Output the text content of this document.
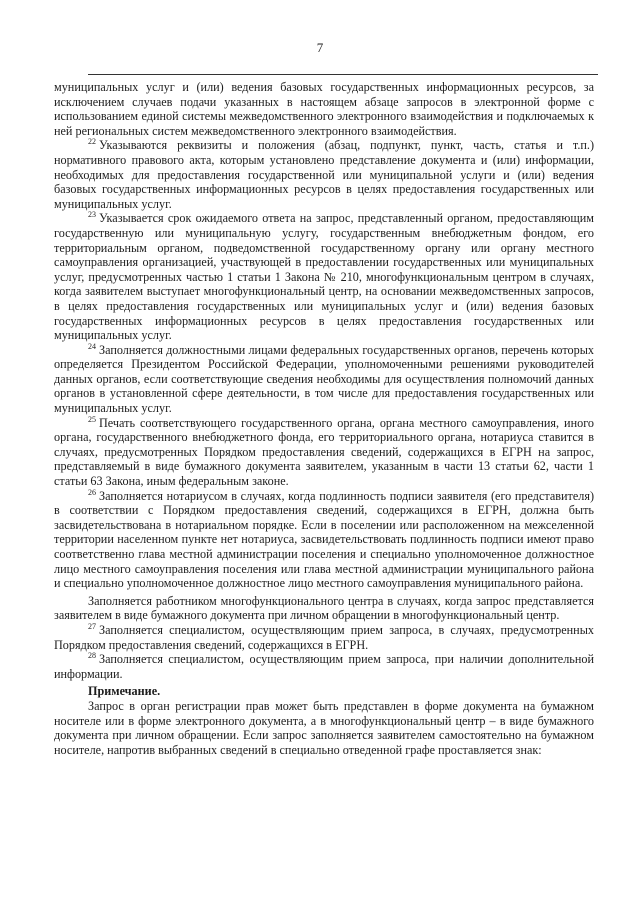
7

муниципальных услуг и (или) ведения базовых государственных информационных ресурсов, за исключением случаев подачи указанных в настоящем абзаце запросов в электронной форме с использованием единой системы межведомственного электронного взаимодействия и подключаемых к ней региональных систем межведомственного электронного взаимодействия.

$^{22}$ Указываются реквизиты и положения (абзац, подпункт, пункт, часть, статья и т.п.) нормативного правового акта, которым установлено представление документа и (или) информации, необходимых для предоставления государственной или муниципальной услуги и (или) ведения базовых государственных информационных ресурсов в целях предоставления государственных или муниципальных услуг.

$^{23}$ Указывается срок ожидаемого ответа на запрос, представленный органом, предоставляющим государственную или муниципальную услугу, государственным внебюджетным фондом, его территориальным органом, подведомственной государственному органу или органу местного самоуправления организацией, участвующей в предоставлении государственных или муниципальных услуг, предусмотренных частью 1 статьи 1 Закона № 210, многофункциональным центром в случаях, когда заявителем выступает многофункциональный центр, на основании межведомственных запросов, в целях предоставления государственных или муниципальных услуг и (или) ведения базовых государственных информационных ресурсов в целях предоставления государственных или муниципальных услуг.

$^{24}$ Заполняется должностными лицами федеральных государственных органов, перечень которых определяется Президентом Российской Федерации, уполномоченными решениями руководителей данных органов, если соответствующие сведения необходимы для осуществления полномочий данных органов в установленной сфере деятельности, в том числе для предоставления государственных или муниципальных услуг.

$^{25}$ Печать соответствующего государственного органа, органа местного самоуправления, иного органа, государственного внебюджетного фонда, его территориального органа, нотариуса ставится в случаях, предусмотренных Порядком предоставления сведений, содержащихся в ЕГРН на запрос, представляемый в виде бумажного документа заявителем, указанным в части 13 статьи 62, части 1 статьи 63 Закона, иным федеральным законе.

$^{26}$ Заполняется нотариусом в случаях, когда подлинность подписи заявителя (его представителя) в соответствии с Порядком предоставления сведений, содержащихся в ЕГРН, должна быть засвидетельствована в нотариальном порядке. Если в поселении или расположенном на межселенной территории населенном пункте нет нотариуса, засвидетельствовать подлинность подписи имеют право соответственно глава местной администрации поселения и специально уполномоченное должностное лицо местного самоуправления поселения или глава местной администрации муниципального района и специально уполномоченное должностное лицо местного самоуправления муниципального района.

Заполняется работником многофункционального центра в случаях, когда запрос представляется заявителем в виде бумажного документа при личном обращении в многофункциональный центр.

$^{27}$ Заполняется специалистом, осуществляющим прием запроса, в случаях, предусмотренных Порядком предоставления сведений, содержащихся в ЕГРН.

$^{28}$ Заполняется специалистом, осуществляющим прием запроса, при наличии дополнительной информации.

Примечание.

Запрос в орган регистрации прав может быть представлен в форме документа на бумажном носителе или в форме электронного документа, а в многофункциональный центр – в виде бумажного документа при личном обращении. Если запрос заполняется заявителем самостоятельно на бумажном носителе, напротив выбранных сведений в специально отведенной графе проставляется знак:
